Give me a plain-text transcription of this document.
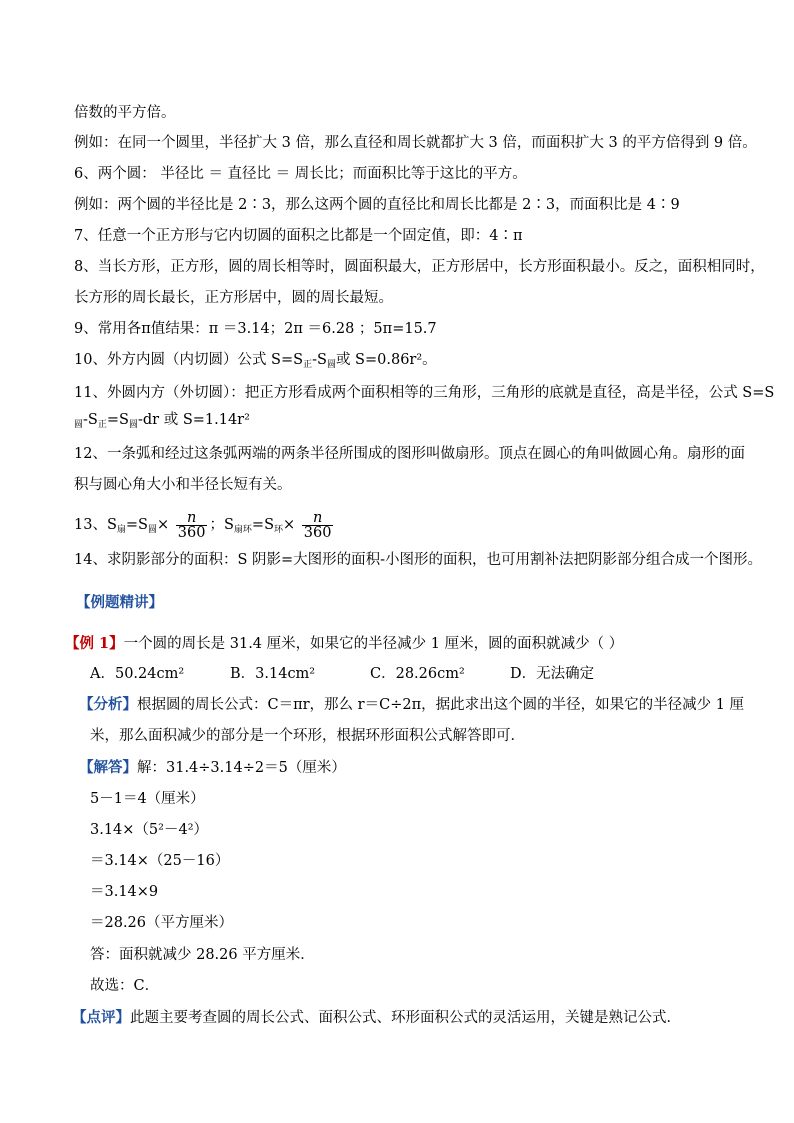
倍数的平方倍。
例如：在同一个圆里，半径扩大 3 倍，那么直径和周长就都扩大 3 倍，而面积扩大 3 的平方倍得到 9 倍。
6、两个圆： 半径比 ＝ 直径比 ＝ 周长比；而面积比等于这比的平方。
例如：两个圆的半径比是 2∶3，那么这两个圆的直径比和周长比都是 2∶3，而面积比是 4∶9
7、任意一个正方形与它内切圆的面积之比都是一个固定值，即：4∶π
8、当长方形，正方形，圆的周长相等时，圆面积最大，正方形居中，长方形面积最小。反之，面积相同时，
长方形的周长最长，正方形居中，圆的周长最短。
9、常用各π值结果：π ＝3.14；2π ＝6.28 ；5π=15.7
10、外方内圆（内切圆）公式 $S=S_正-S_圆$或 S=0.86r²。
11、外圆内方（外切圆）：把正方形看成两个面积相等的三角形，三角形的底就是直径，高是半径，公式 S=S
$_圆-S_正=S_圆-dr$ 或 S=1.14r²
12、一条弧和经过这条弧两端的两条半径所围成的图形叫做扇形。顶点在圆心的角叫做圆心角。扇形的面
积与圆心角大小和半径长短有关。
13、$S_扇=S_圆\times \frac{n}{360}$ ；$S_{扇环}=S_环\times \frac{n}{360}$
14、求阴影部分的面积：S 阴影=大图形的面积-小图形的面积，也可用割补法把阴影部分组合成一个图形。
【例题精讲】
【例 1】一个圆的周长是 31.4 厘米，如果它的半径减少 1 厘米，圆的面积就减少（ ）
A．50.24cm²	B．3.14cm²	C．28.26cm²	D．无法确定
【分析】根据圆的周长公式：C＝πr，那么 r＝C÷2π，据此求出这个圆的半径，如果它的半径减少 1 厘
米，那么面积减少的部分是一个环形，根据环形面积公式解答即可．
【解答】解：31.4÷3.14÷2＝5（厘米）
5－1＝4（厘米）
3.14×（5²－4²）
＝3.14×（25－16）
＝3.14×9
＝28.26（平方厘米）
答：面积就减少 28.26 平方厘米．
故选：C．
【点评】此题主要考查圆的周长公式、面积公式、环形面积公式的灵活运用，关键是熟记公式．
